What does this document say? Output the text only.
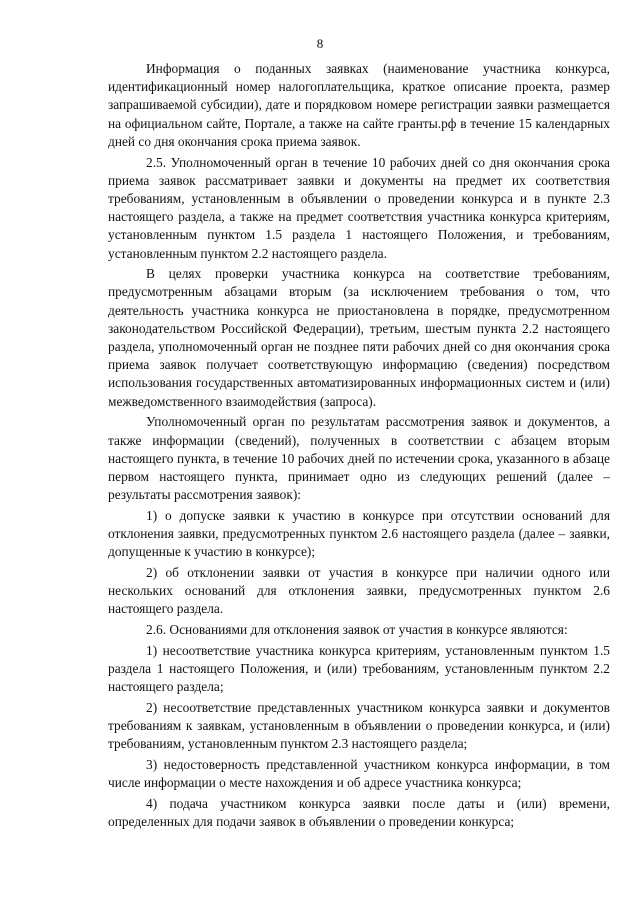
8

Информация о поданных заявках (наименование участника конкурса, идентификационный номер налогоплательщика, краткое описание проекта, размер запрашиваемой субсидии), дате и порядковом номере регистрации заявки размещается на официальном сайте, Портале, а также на сайте гранты.рф в течение 15 календарных дней со дня окончания срока приема заявок.

2.5. Уполномоченный орган в течение 10 рабочих дней со дня окончания срока приема заявок рассматривает заявки и документы на предмет их соответствия требованиям, установленным в объявлении о проведении конкурса и в пункте 2.3 настоящего раздела, а также на предмет соответствия участника конкурса критериям, установленным пунктом 1.5 раздела 1 настоящего Положения, и требованиям, установленным пунктом 2.2 настоящего раздела.

В целях проверки участника конкурса на соответствие требованиям, предусмотренным абзацами вторым (за исключением требования о том, что деятельность участника конкурса не приостановлена в порядке, предусмотренном законодательством Российской Федерации), третьим, шестым пункта 2.2 настоящего раздела, уполномоченный орган не позднее пяти рабочих дней со дня окончания срока приема заявок получает соответствующую информацию (сведения) посредством использования государственных автоматизированных информационных систем и (или) межведомственного взаимодействия (запроса).

Уполномоченный орган по результатам рассмотрения заявок и документов, а также информации (сведений), полученных в соответствии с абзацем вторым настоящего пункта, в течение 10 рабочих дней по истечении срока, указанного в абзаце первом настоящего пункта, принимает одно из следующих решений (далее – результаты рассмотрения заявок):

1) о допуске заявки к участию в конкурсе при отсутствии оснований для отклонения заявки, предусмотренных пунктом 2.6 настоящего раздела (далее – заявки, допущенные к участию в конкурсе);

2) об отклонении заявки от участия в конкурсе при наличии одного или нескольких оснований для отклонения заявки, предусмотренных пунктом 2.6 настоящего раздела.

2.6. Основаниями для отклонения заявок от участия в конкурсе являются:

1) несоответствие участника конкурса критериям, установленным пунктом 1.5 раздела 1 настоящего Положения, и (или) требованиям, установленным пунктом 2.2 настоящего раздела;

2) несоответствие представленных участником конкурса заявки и документов требованиям к заявкам, установленным в объявлении о проведении конкурса, и (или) требованиям, установленным пунктом 2.3 настоящего раздела;

3) недостоверность представленной участником конкурса информации, в том числе информации о месте нахождения и об адресе участника конкурса;

4) подача участником конкурса заявки после даты и (или) времени, определенных для подачи заявок в объявлении о проведении конкурса;
